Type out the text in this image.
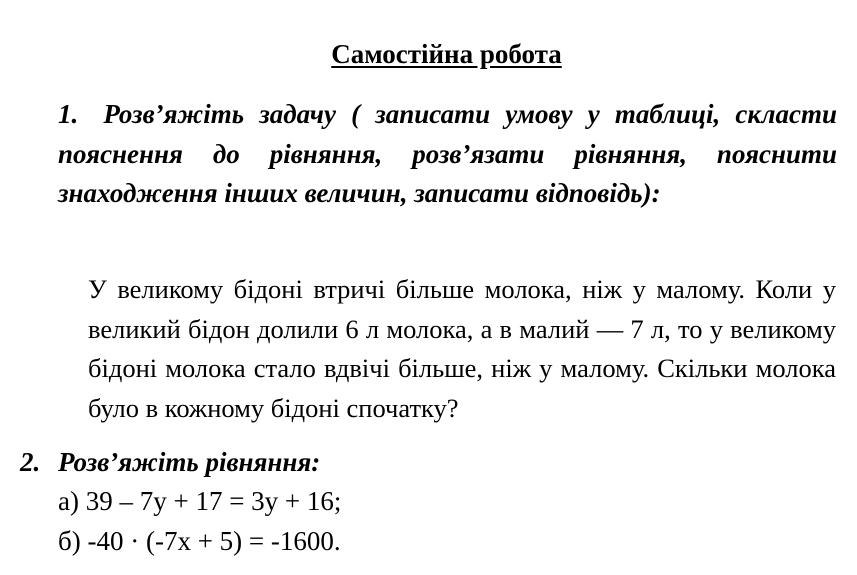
Самостійна робота
1. Розв’яжіть задачу ( записати умову у таблиці, скласти пояснення до рівняння, розв’язати рівняння, пояснити знаходження інших величин, записати відповідь):
У великому бідоні втричі більше молока, ніж у малому. Коли у великий бідон долили 6 л молока, а в малий — 7 л, то у великому бідоні молока стало вдвічі більше, ніж у малому. Скільки молока було в кожному бідоні спочатку?
2. Розв’яжіть рівняння:
а) 39 – 7y + 17 = 3y + 16;
б) -40 · (-7x + 5) = -1600.
